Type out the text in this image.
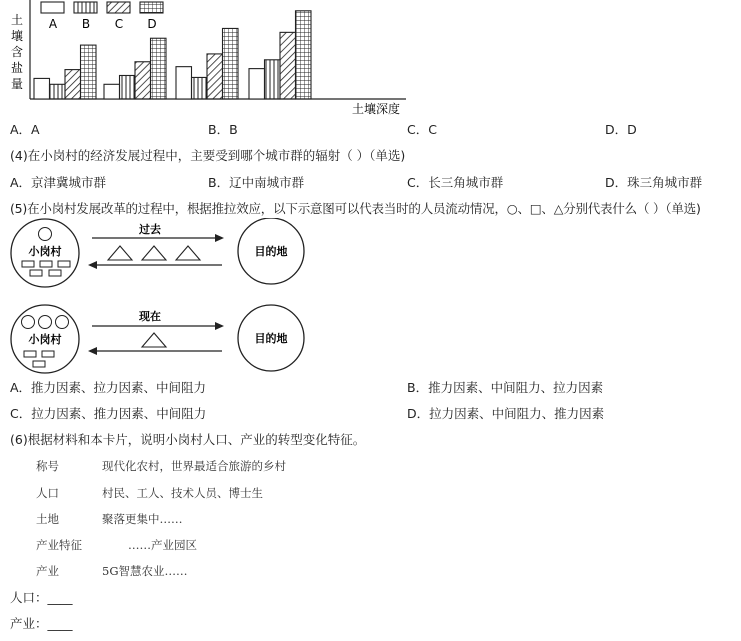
A B C D
土
壤
含
盐
量
土壤深度
A．A	B．B	C．C	D．D
(4)在小岗村的经济发展过程中，主要受到哪个城市群的辐射（ ）（单选)
A．京津冀城市群	B．辽中南城市群	C．长三角城市群	D．珠三角城市群
(5)在小岗村发展改革的过程中，根据推拉效应，以下示意图可以代表当时的人员流动情况，○、□、△分别代表什么（ ）（单选)
小岗村
过去
目的地
小岗村
现在
目的地
A．推力因素、拉力因素、中间阻力	B．推力因素、中间阻力、拉力因素
C．拉力因素、推力因素、中间阻力	D．拉力因素、中间阻力、推力因素
(6)根据材料和本卡片，说明小岗村人口、产业的转型变化特征。
称号	现代化农村，世界最适合旅游的乡村
人口	村民、工人、技术人员、博士生
土地	聚落更集中……
产业特征	……产业园区
产业	5G智慧农业……
人口：____
产业：____
